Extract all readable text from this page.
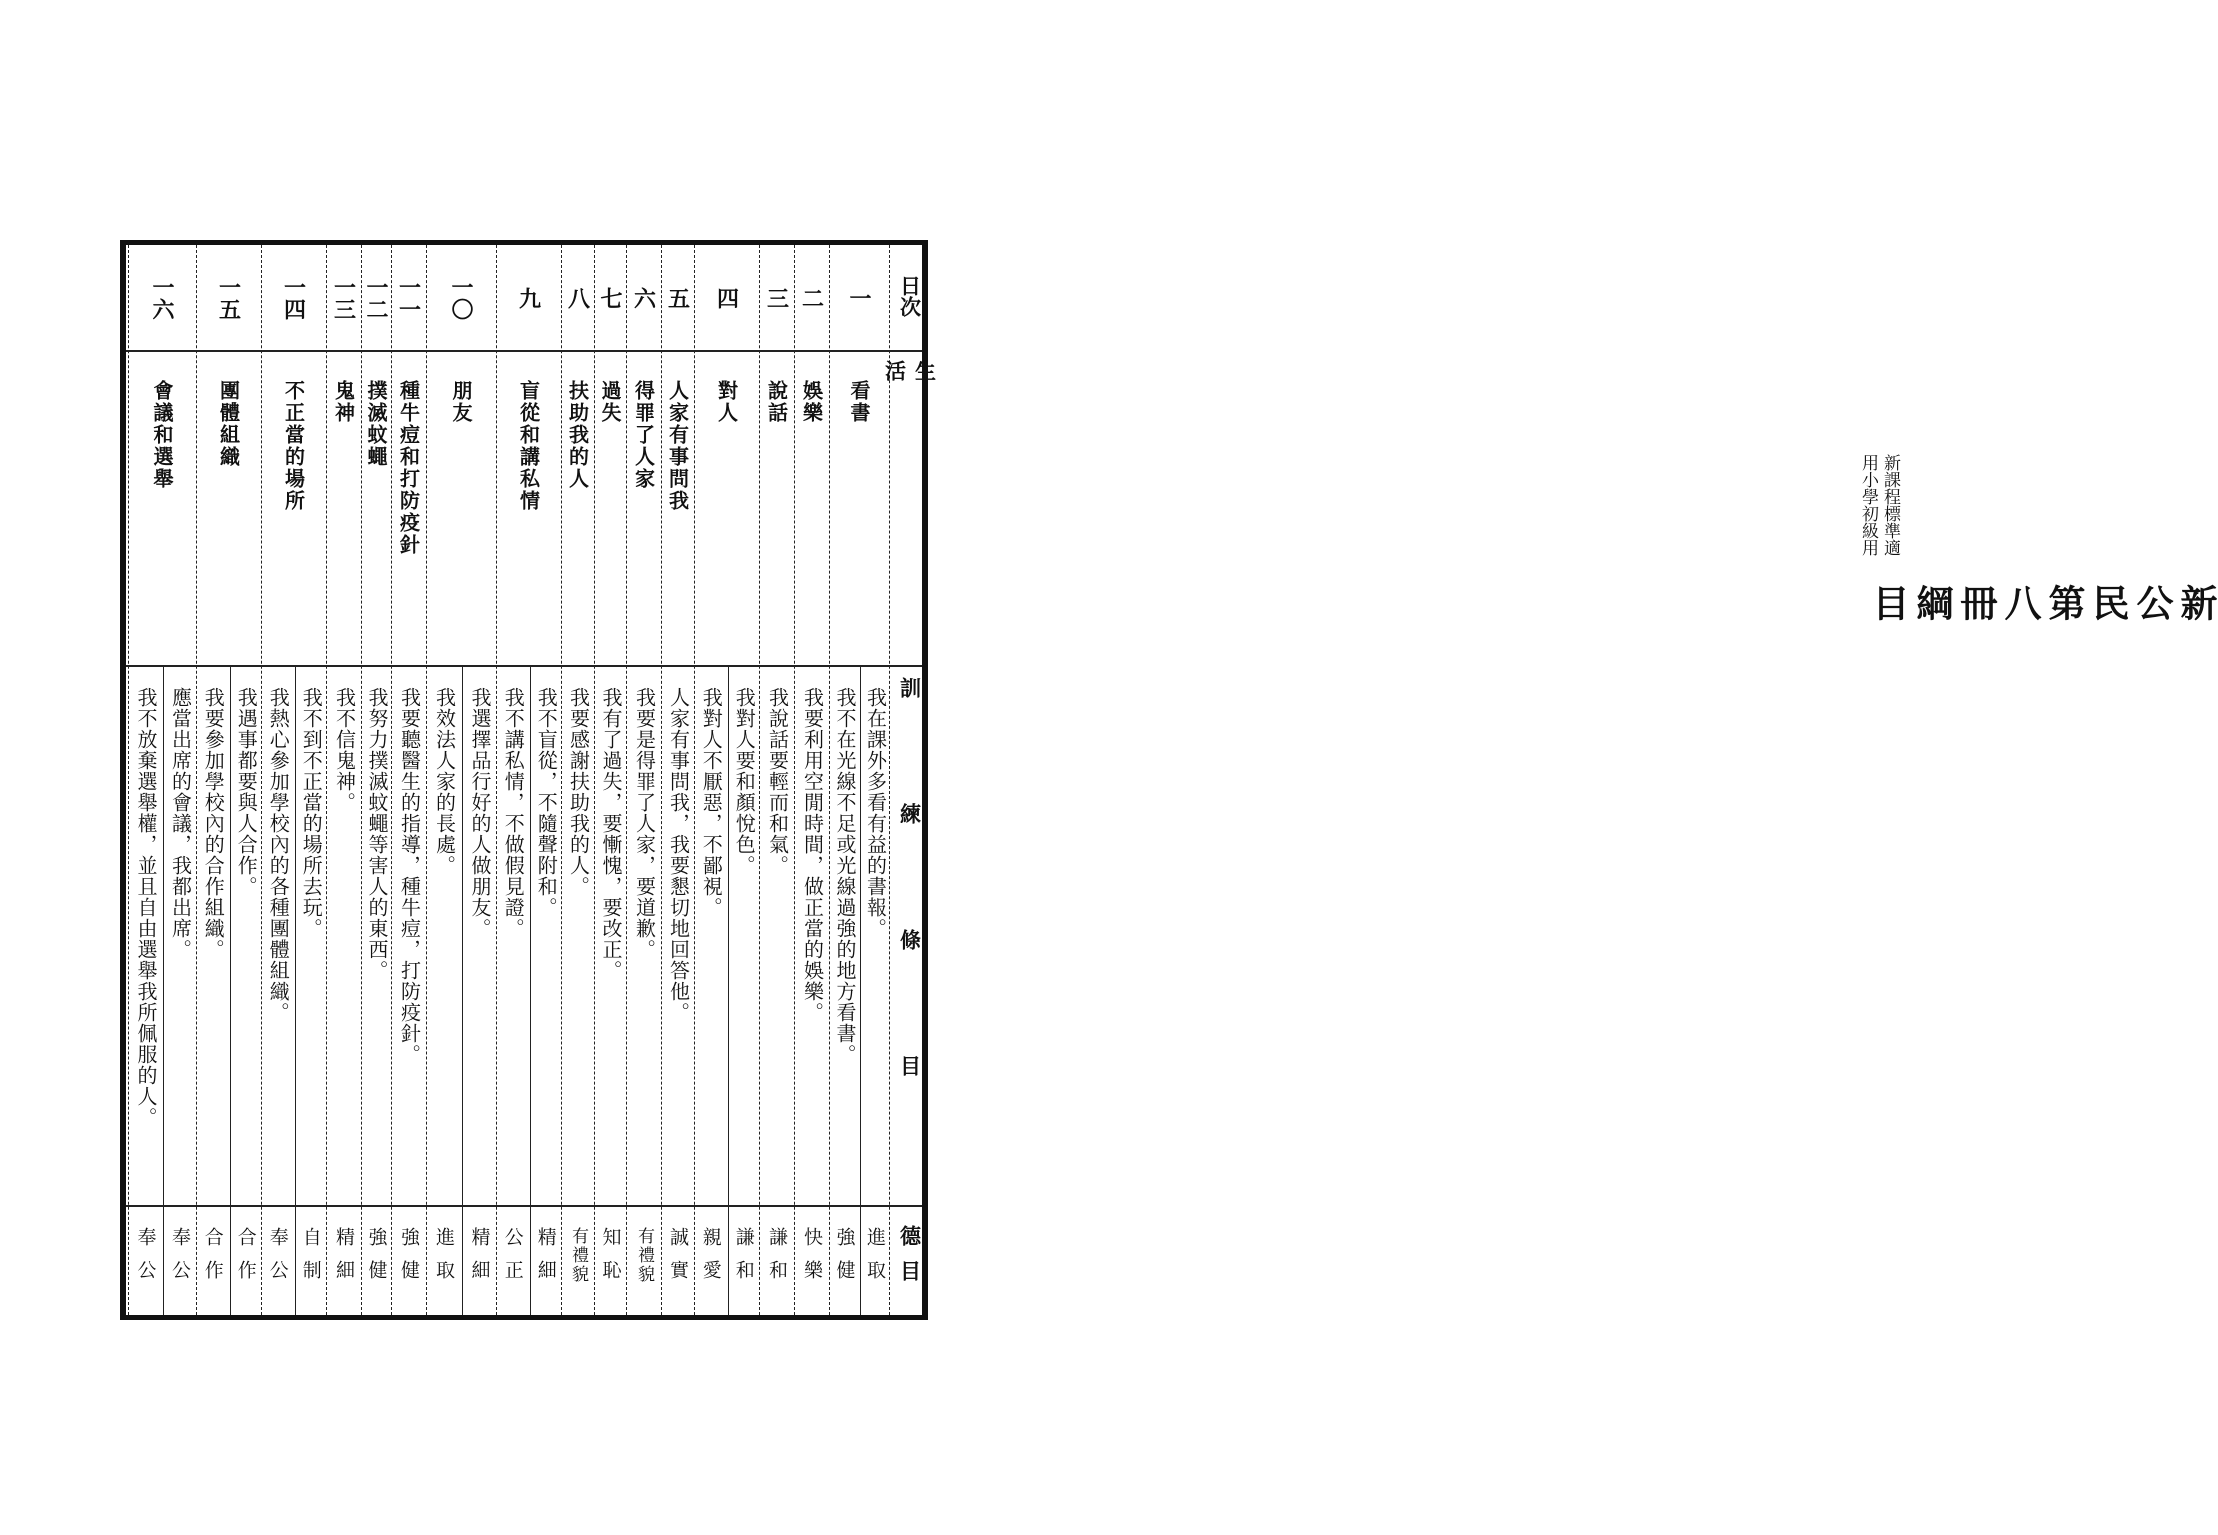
新課程標準適
用小學初級用
新公民第八冊綱目
日次
生活
訓練條目
德目
一
看書
我在課外多看有益的書報。
進取
我不在光線不足或光線過強的地方看書。
強健
二
娛樂
我要利用空閒時間，做正當的娛樂。
快樂
三
說話
我說話要輕而和氣。
謙和
四
對人
我對人要和顏悅色。
謙和
我對人不厭惡，不鄙視。
親愛
五
人家有事問我
人家有事問我，我要懇切地回答他。
誠實
六
得罪了人家
我要是得罪了人家，要道歉。
有禮貌
七
過失
我有了過失，要慚愧，要改正。
知恥
八
扶助我的人
我要感謝扶助我的人。
有禮貌
九
盲從和講私情
我不盲從，不隨聲附和。
精細
我不講私情，不做假見證。
公正
一〇
朋友
我選擇品行好的人做朋友。
精細
我效法人家的長處。
進取
一一
種牛痘和打防疫針
我要聽醫生的指導，種牛痘，打防疫針。
強健
一二
撲滅蚊蠅
我努力撲滅蚊蠅等害人的東西。
強健
一三
鬼神
我不信鬼神。
精細
一四
不正當的場所
我不到不正當的場所去玩。
自制
我熱心參加學校內的各種團體組織。
奉公
一五
團體組織
我遇事都要與人合作。
合作
我要參加學校內的合作組織。
合作
一六
會議和選舉
應當出席的會議，我都出席。
奉公
我不放棄選舉權，並且自由選舉我所佩服的人。
奉公
